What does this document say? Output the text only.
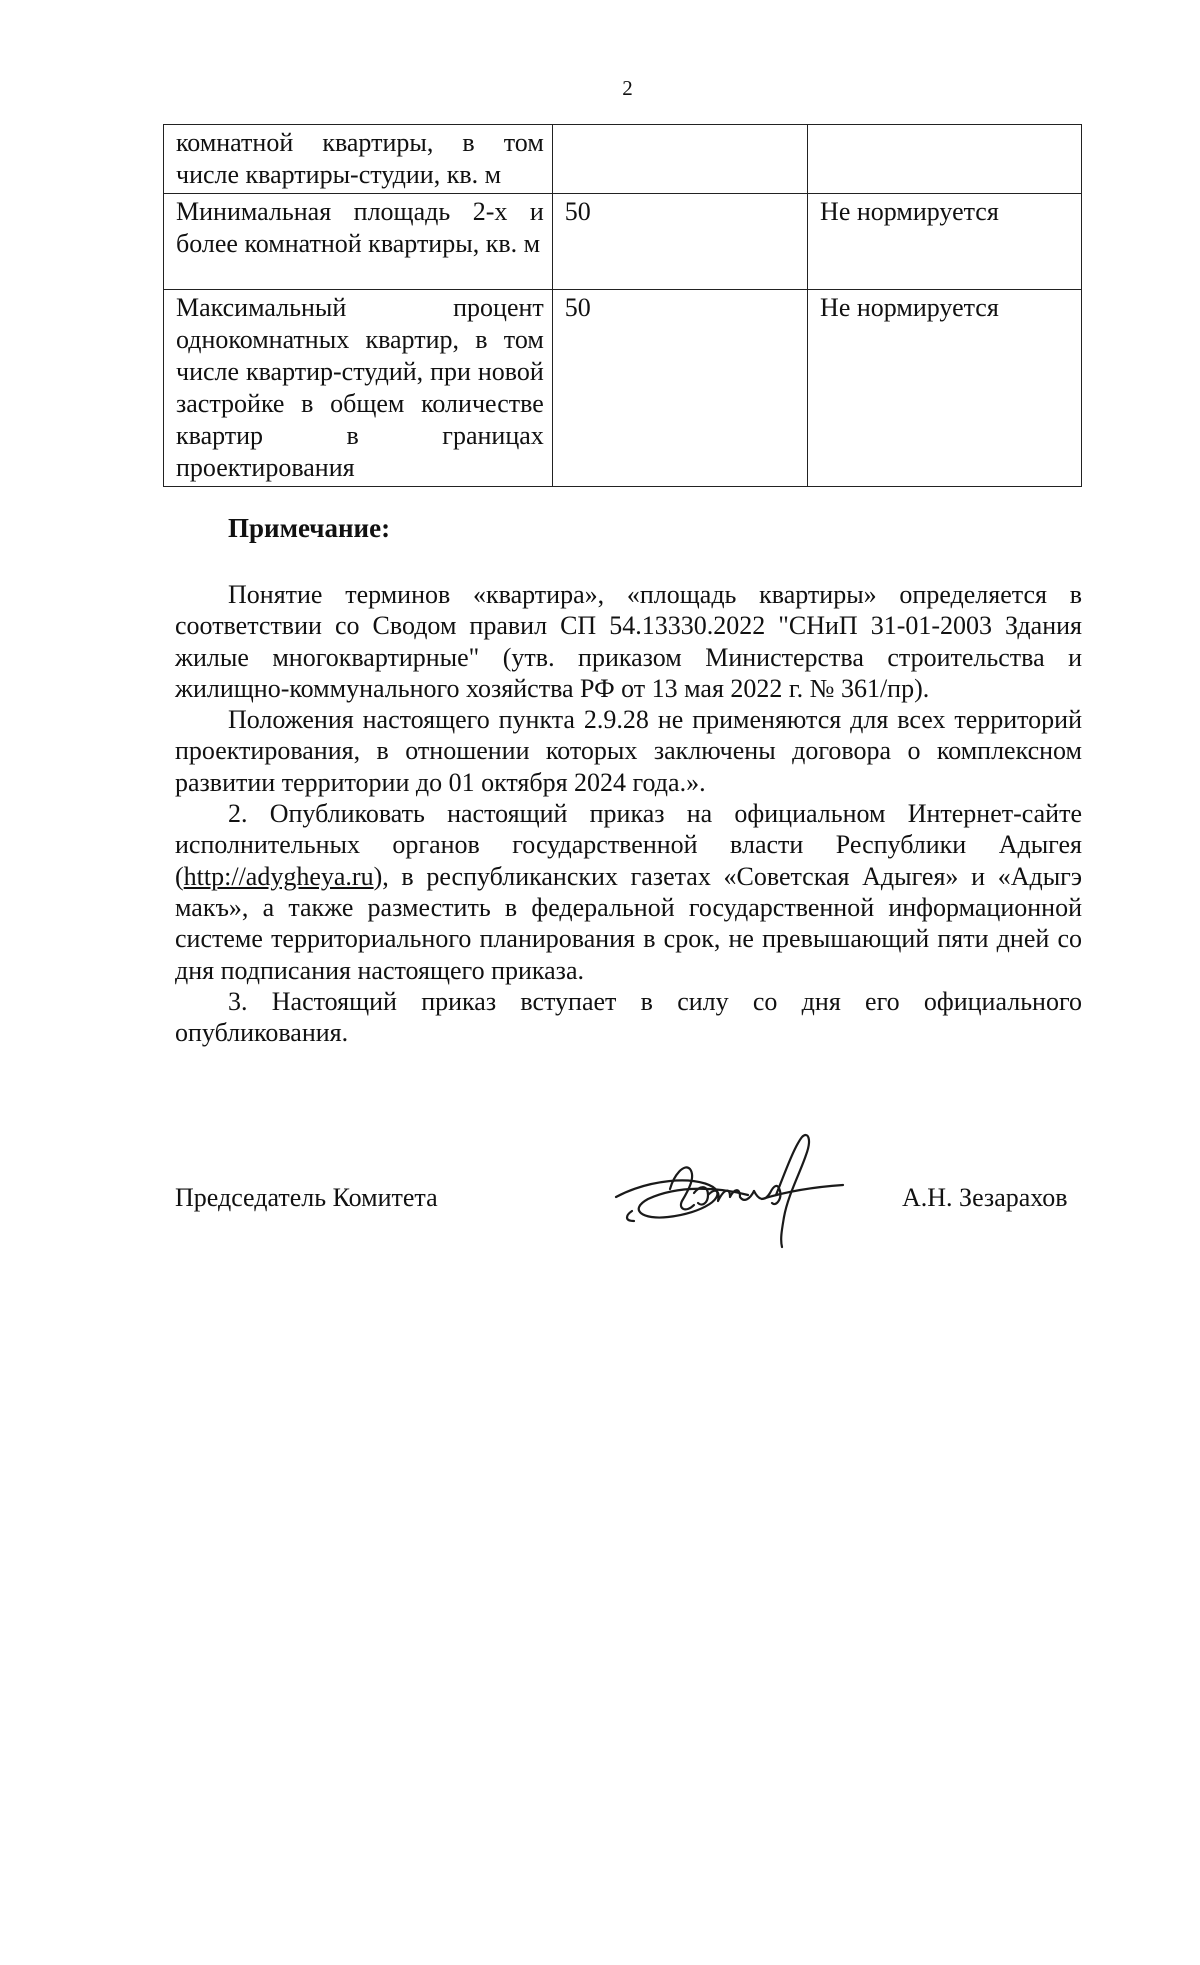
2
комнатной квартиры, в том числе квартиры-студии, кв. м		
Минимальная площадь 2-х и более комнатной квартиры, кв. м	50	Не нормируется
Максимальный процент однокомнатных квартир, в том числе квартир-студий, при новой застройке в общем количестве квартир в границах проектирования	50	Не нормируется
Примечание:

Понятие терминов «квартира», «площадь квартиры» определяется в соответствии со Сводом правил СП 54.13330.2022 "СНиП 31-01-2003 Здания жилые многоквартирные" (утв. приказом Министерства строительства и жилищно-коммунального хозяйства РФ от 13 мая 2022 г. № 361/пр).

Положения настоящего пункта 2.9.28 не применяются для всех территорий проектирования, в отношении которых заключены договора о комплексном развитии территории до 01 октября 2024 года.».

2. Опубликовать настоящий приказ на официальном Интернет-сайте исполнительных органов государственной власти Республики Адыгея (http://adygheya.ru), в республиканских газетах «Советская Адыгея» и «Адыгэ макъ», а также разместить в федеральной государственной информационной системе территориального планирования в срок, не превышающий пяти дней со дня подписания настоящего приказа.

3. Настоящий приказ вступает в силу со дня его официального опубликования.

Председатель Комитета	А.Н. Зезарахов
